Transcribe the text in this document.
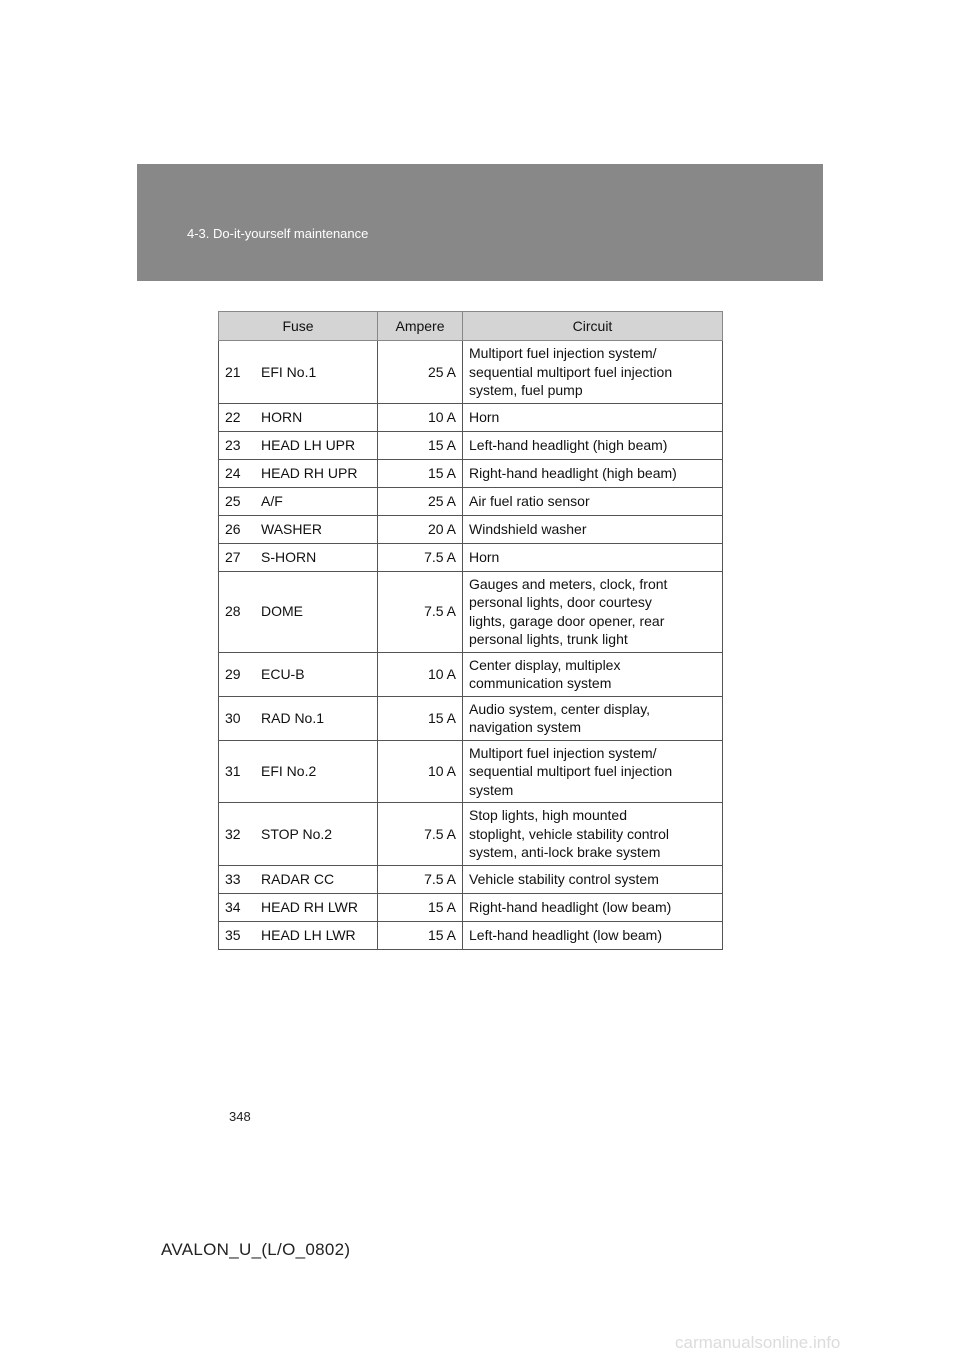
4-3. Do-it-yourself maintenance
Fuse		Ampere	Circuit
21	EFI No.1	25 A	Multiport fuel injection system/
sequential multiport fuel injection
system, fuel pump

22	HORN	10 A	Horn

23	HEAD LH UPR	15 A	Left-hand headlight (high beam)

24	HEAD RH UPR	15 A	Right-hand headlight (high beam)

25	A/F	25 A	Air fuel ratio sensor

26	WASHER	20 A	Windshield washer

27	S-HORN	7.5 A	Horn

28	DOME	7.5 A	Gauges and meters, clock, front
personal lights, door courtesy
lights, garage door opener, rear
personal lights, trunk light

29	ECU-B	10 A	Center display, multiplex
communication system

30	RAD No.1	15 A	Audio system, center display,
navigation system

31	EFI No.2	10 A	Multiport fuel injection system/
sequential multiport fuel injection
system

32	STOP No.2	7.5 A	Stop lights, high mounted
stoplight, vehicle stability control
system, anti-lock brake system

33	RADAR CC	7.5 A	Vehicle stability control system

34	HEAD RH LWR	15 A	Right-hand headlight (low beam)

35	HEAD LH LWR	15 A	Left-hand headlight (low beam)
348
AVALON_U_(L/O_0802)
carmanualsonline.info
